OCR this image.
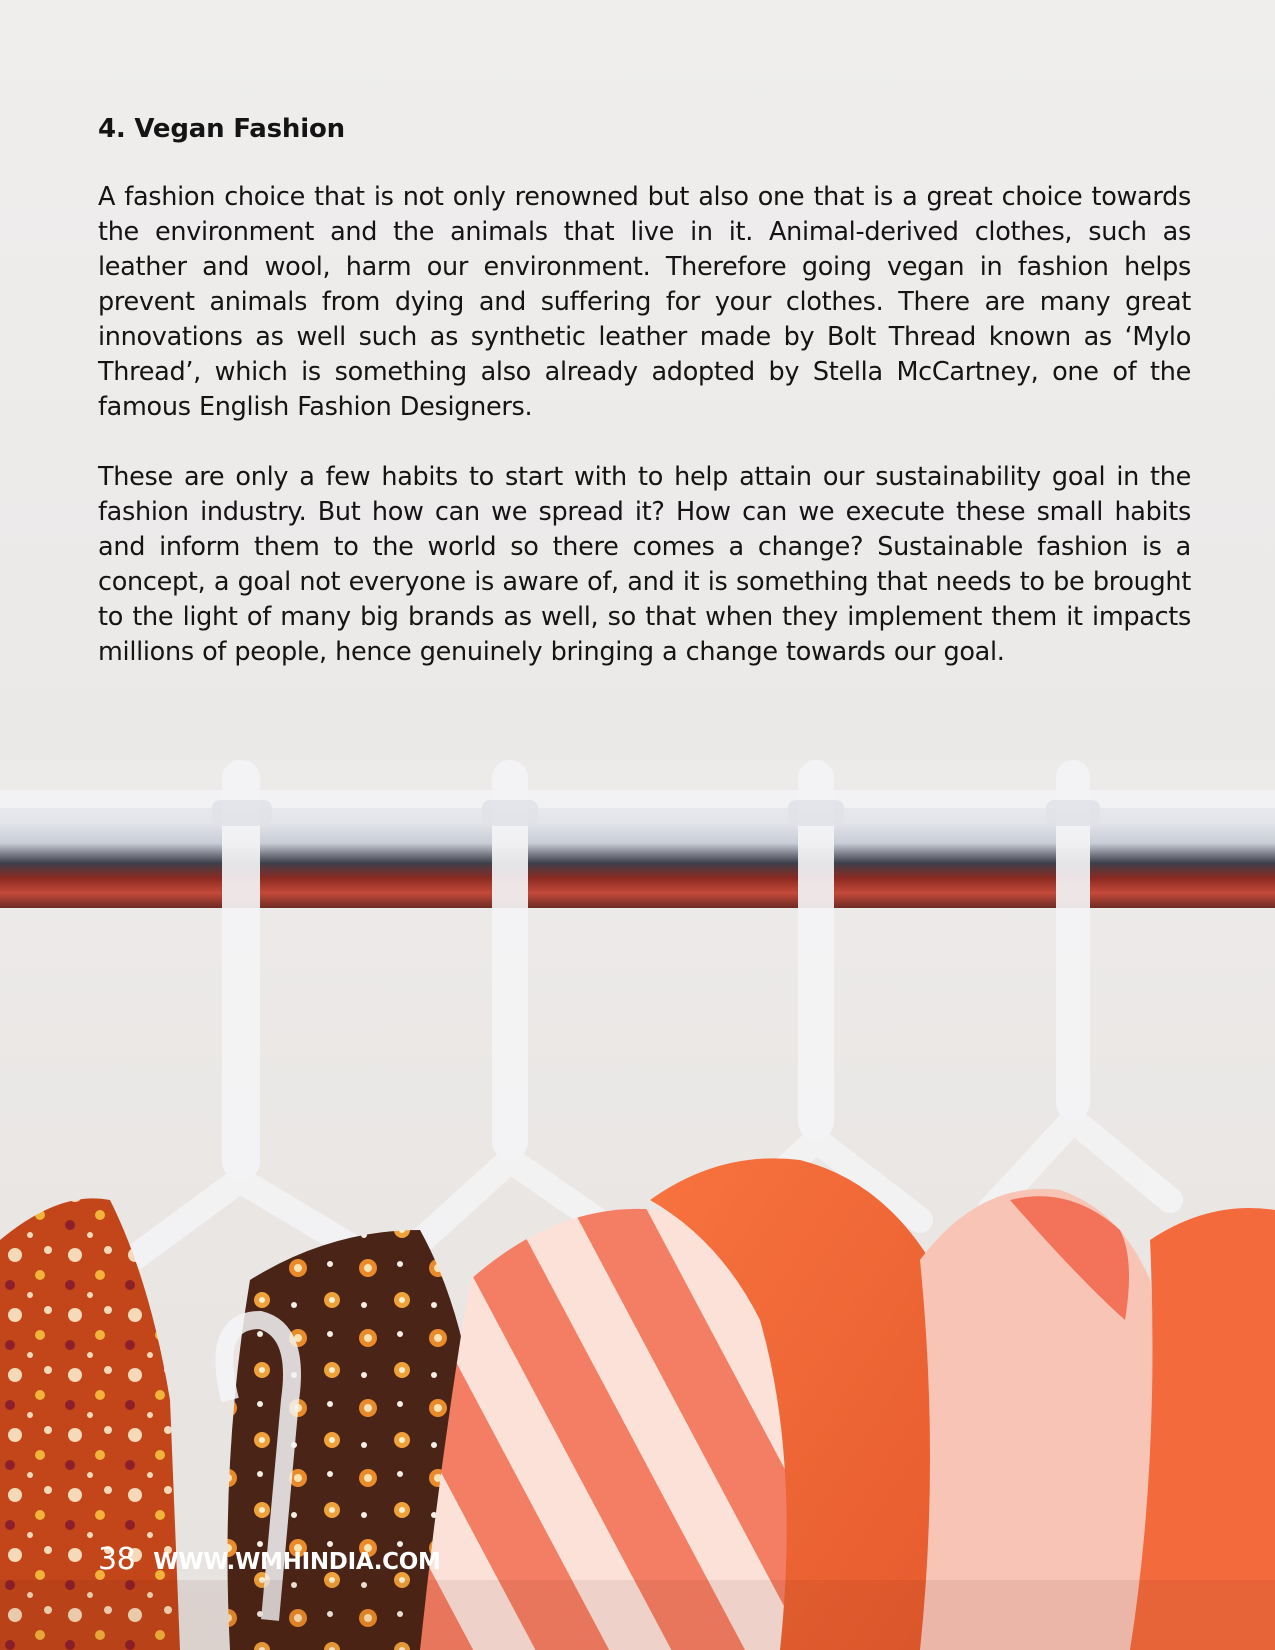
4. Vegan Fashion

A fashion choice that is not only renowned but also one that is a great choice towards the environment and the animals that live in it. Animal-derived clothes, such as leather and wool, harm our environment. Therefore going vegan in fashion helps prevent animals from dying and suffering for your clothes. There are many great innovations as well such as synthetic leather made by Bolt Thread known as ‘Mylo Thread’, which is something also already adopted by Stella McCartney, one of the famous English Fashion Designers.

These are only a few habits to start with to help attain our sustainability goal in the fashion industry. But how can we spread it? How can we execute these small habits and inform them to the world so there comes a change? Sustainable fashion is a concept, a goal not everyone is aware of, and it is something that needs to be brought to the light of many big brands as well, so that when they implement them it impacts millions of people, hence genuinely bringing a change towards our goal.

38 WWW.WMHINDIA.COM
